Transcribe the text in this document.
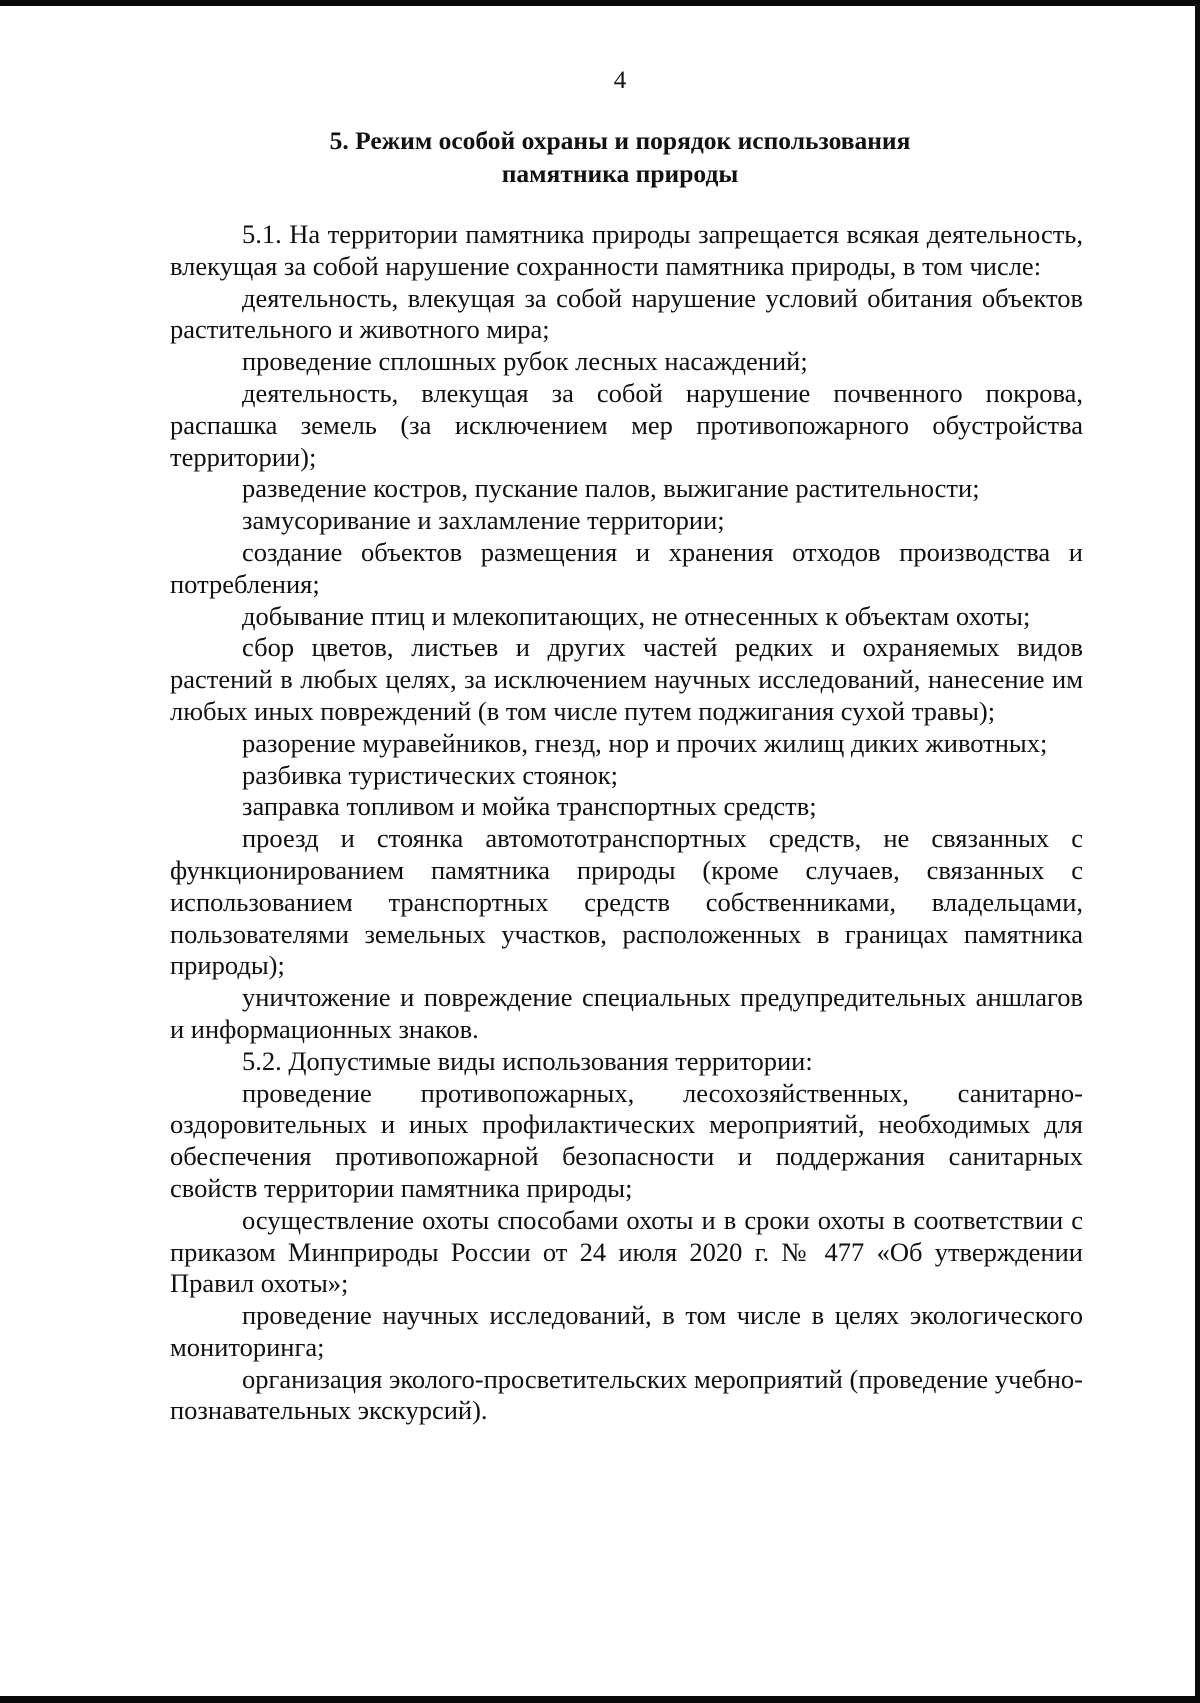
4
5. Режим особой охраны и порядок использования
памятника природы

5.1. На территории памятника природы запрещается всякая деятельность, влекущая за собой нарушение сохранности памятника природы, в том числе:

деятельность, влекущая за собой нарушение условий обитания объектов растительного и животного мира;

проведение сплошных рубок лесных насаждений;

деятельность, влекущая за собой нарушение почвенного покрова, распашка земель (за исключением мер противопожарного обустройства территории);

разведение костров, пускание палов, выжигание растительности;

замусоривание и захламление территории;

создание объектов размещения и хранения отходов производства и потребления;

добывание птиц и млекопитающих, не отнесенных к объектам охоты;

сбор цветов, листьев и других частей редких и охраняемых видов растений в любых целях, за исключением научных исследований, нанесение им любых иных повреждений (в том числе путем поджигания сухой травы);

разорение муравейников, гнезд, нор и прочих жилищ диких животных;

разбивка туристических стоянок;

заправка топливом и мойка транспортных средств;

проезд и стоянка автомототранспортных средств, не связанных с функционированием памятника природы (кроме случаев, связанных с использованием транспортных средств собственниками, владельцами, пользователями земельных участков, расположенных в границах памятника природы);

уничтожение и повреждение специальных предупредительных аншлагов и информационных знаков.

5.2. Допустимые виды использования территории:

проведение противопожарных, лесохозяйственных, санитарно-оздоровительных и иных профилактических мероприятий, необходимых для обеспечения противопожарной безопасности и поддержания санитарных свойств территории памятника природы;

осуществление охоты способами охоты и в сроки охоты в соответствии с приказом Минприроды России от 24 июля 2020 г. № 477 «Об утверждении Правил охоты»;

проведение научных исследований, в том числе в целях экологического мониторинга;

организация эколого-просветительских мероприятий (проведение учебно-познавательных экскурсий).
